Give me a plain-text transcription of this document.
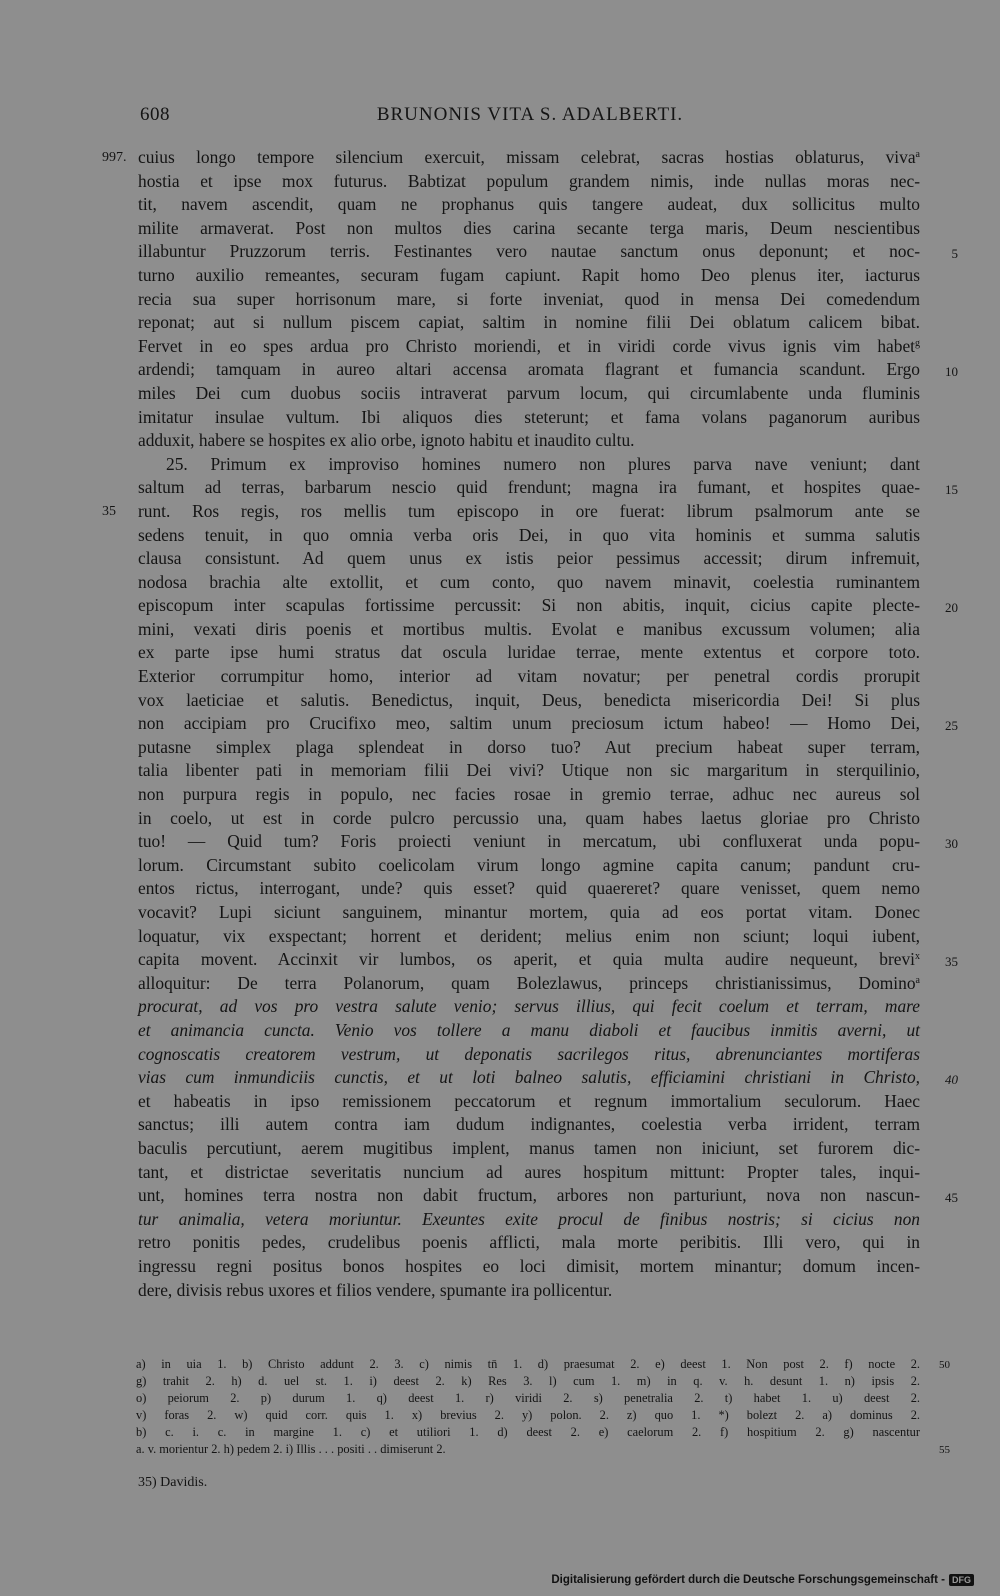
608	BRUNONIS VITA S. ADALBERTI.
997. cuius longo tempore silencium exercuit, missam celebrat, sacras hostias oblaturus, viva$^a$
hostia et ipse mox futurus. Babtizat populum grandem nimis, inde nullas moras nec-
tit, navem ascendit, quam ne prophanus quis tangere audeat, dux sollicitus multo
milite armaverat. Post non multos dies carina secante terga maris, Deum nescientibus
illabuntur Pruzzorum terris. Festinantes vero nautae sanctum onus deponunt; et noc- 5
turno auxilio remeantes, securam fugam capiunt. Rapit homo Deo plenus iter, iacturus
recia sua super horrisonum mare, si forte inveniat, quod in mensa Dei comedendum
reponat; aut si nullum piscem capiat, saltim in nomine filii Dei oblatum calicem bibat.
Fervet in eo spes ardua pro Christo moriendi, et in viridi corde vivus ignis vim habet$^g$
ardendi; tamquam in aureo altari accensa aromata flagrant et fumancia scandunt. Ergo 10
miles Dei cum duobus sociis intraverat parvum locum, qui circumlabente unda fluminis
imitatur insulae vultum. Ibi aliquos dies steterunt; et fama volans paganorum auribus
adduxit, habere se hospites ex alio orbe, ignoto habitu et inaudito cultu.
25. Primum ex improviso homines numero non plures parva nave veniunt; dant
saltum ad terras, barbarum nescio quid frendunt; magna ira fumant, et hospites quae- 15
35 runt. Ros regis, ros mellis tum episcopo in ore fuerat: librum psalmorum ante se
sedens tenuit, in quo omnia verba oris Dei, in quo vita hominis et summa salutis
clausa consistunt. Ad quem unus ex istis peior pessimus accessit; dirum infremuit,
nodosa brachia alte extollit, et cum conto, quo navem minavit, coelestia ruminantem
episcopum inter scapulas fortissime percussit: Si non abitis, inquit, cicius capite plecte- 20
mini, vexati diris poenis et mortibus multis. Evolat e manibus excussum volumen; alia
ex parte ipse humi stratus dat oscula luridae terrae, mente extentus et corpore toto.
Exterior corrumpitur homo, interior ad vitam novatur; per penetral cordis prorupit
vox laeticiae et salutis. Benedictus, inquit, Deus, benedicta misericordia Dei! Si plus
non accipiam pro Crucifixo meo, saltim unum preciosum ictum habeo! — Homo Dei, 25
putasne simplex plaga splendeat in dorso tuo? Aut precium habeat super terram,
talia libenter pati in memoriam filii Dei vivi? Utique non sic margaritum in sterquilinio,
non purpura regis in populo, nec facies rosae in gremio terrae, adhuc nec aureus sol
in coelo, ut est in corde pulcro percussio una, quam habes laetus gloriae pro Christo
tuo! — Quid tum? Foris proiecti veniunt in mercatum, ubi confluxerat unda popu- 30
lorum. Circumstant subito coelicolam virum longo agmine capita canum; pandunt cru-
entos rictus, interrogant, unde? quis esset? quid quaereret? quare venisset, quem nemo
vocavit? Lupi siciunt sanguinem, minantur mortem, quia ad eos portat vitam. Donec
loquatur, vix exspectant; horrent et derident; melius enim non sciunt; loqui iubent,
capita movent. Accinxit vir lumbos, os aperit, et quia multa audire nequeunt, brevi$^x$ 35
alloquitur: De terra Polanorum, quam Bolezlawus, princeps christianissimus, Domino$^a$
procurat, ad vos pro vestra salute venio; servus illius, qui fecit coelum et terram, mare
et animancia cuncta. Venio vos tollere a manu diaboli et faucibus inmitis averni, ut
cognoscatis creatorem vestrum, ut deponatis sacrilegos ritus, abrenunciantes mortiferas
vias cum inmundiciis cunctis, et ut loti balneo salutis, efficiamini christiani in Christo, 40
et habeatis in ipso remissionem peccatorum et regnum immortalium seculorum. Haec
sanctus; illi autem contra iam dudum indignantes, coelestia verba irrident, terram
baculis percutiunt, aerem mugitibus implent, manus tamen non iniciunt, set furorem dic-
tant, et districtae severitatis nuncium ad aures hospitum mittunt: Propter tales, inqui-
unt, homines terra nostra non dabit fructum, arbores non parturiunt, nova non nascun- 45
tur animalia, vetera moriuntur. Exeuntes exite procul de finibus nostris; si cicius non
retro ponitis pedes, crudelibus poenis afflicti, mala morte peribitis. Illi vero, qui in
ingressu regni positus bonos hospites eo loci dimisit, mortem minantur; domum incen-
dere, divisis rebus uxores et filios vendere, spumante ira pollicentur.
a) in uia 1. b) Christo addunt 2. 3. c) nimis tn̄ 1. d) praesumat 2. e) deest 1. Non post 2. f) nocte 2. 50
g) trahit 2. h) d. uel st. 1. i) deest 2. k) Res 3. l) cum 1. m) in q. v. h. desunt 1. n) ipsis 2.
o) peiorum 2. p) durum 1. q) deest 1. r) viridi 2. s) penetralia 2. t) habet 1. u) deest 2.
v) foras 2. w) quid corr. quis 1. x) brevius 2. y) polon. 2. z) quo 1. *) bolezt 2. a) dominus 2.
b) c. i. c. in margine 1. c) et utiliori 1. d) deest 2. e) caelorum 2. f) hospitium 2. g) nascentur
a. v. morientur 2. h) pedem 2. i) Illis . . . positi . . dimiserunt 2.	55
35) Davidis.
Digitalisierung gefördert durch die Deutsche Forschungsgemeinschaft - DFG
